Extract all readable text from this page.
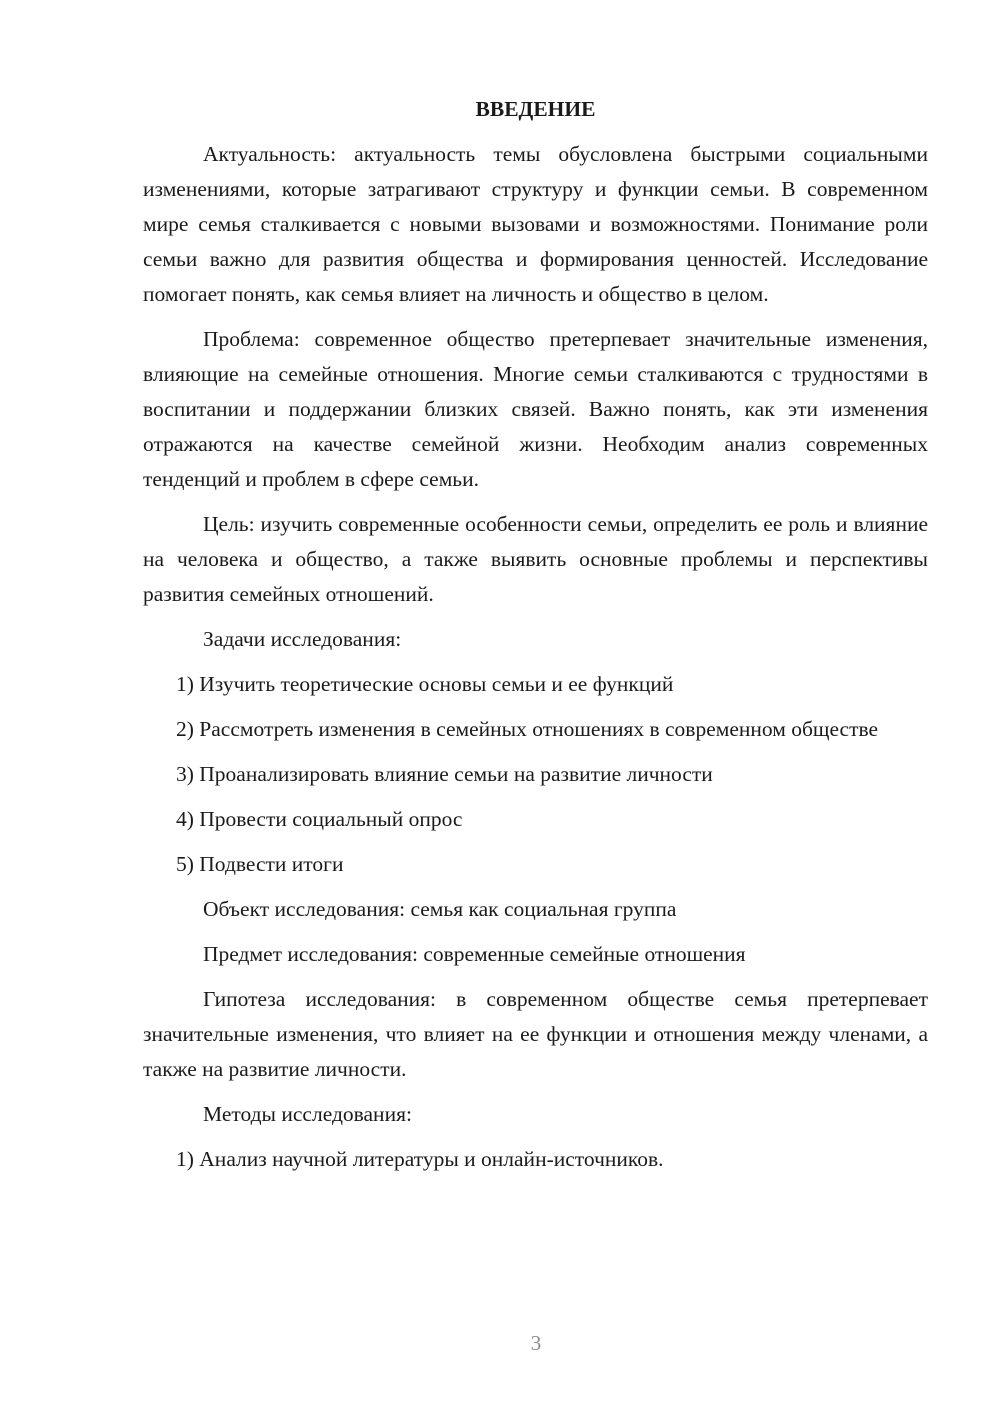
ВВЕДЕНИЕ

Актуальность: актуальность темы обусловлена быстрыми социальными изменениями, которые затрагивают структуру и функции семьи. В современном мире семья сталкивается с новыми вызовами и возможностями. Понимание роли семьи важно для развития общества и формирования ценностей. Исследование помогает понять, как семья влияет на личность и общество в целом.

Проблема: современное общество претерпевает значительные изменения, влияющие на семейные отношения. Многие семьи сталкиваются с трудностями в воспитании и поддержании близких связей. Важно понять, как эти изменения отражаются на качестве семейной жизни. Необходим анализ современных тенденций и проблем в сфере семьи.

Цель: изучить современные особенности семьи, определить ее роль и влияние на человека и общество, а также выявить основные проблемы и перспективы развития семейных отношений.

Задачи исследования:

1) Изучить теоретические основы семьи и ее функций

2) Рассмотреть изменения в семейных отношениях в современном обществе

3) Проанализировать влияние семьи на развитие личности

4) Провести социальный опрос

5) Подвести итоги

Объект исследования: семья как социальная группа

Предмет исследования: современные семейные отношения

Гипотеза исследования: в современном обществе семья претерпевает значительные изменения, что влияет на ее функции и отношения между членами, а также на развитие личности.

Методы исследования:

1) Анализ научной литературы и онлайн-источников.

3
